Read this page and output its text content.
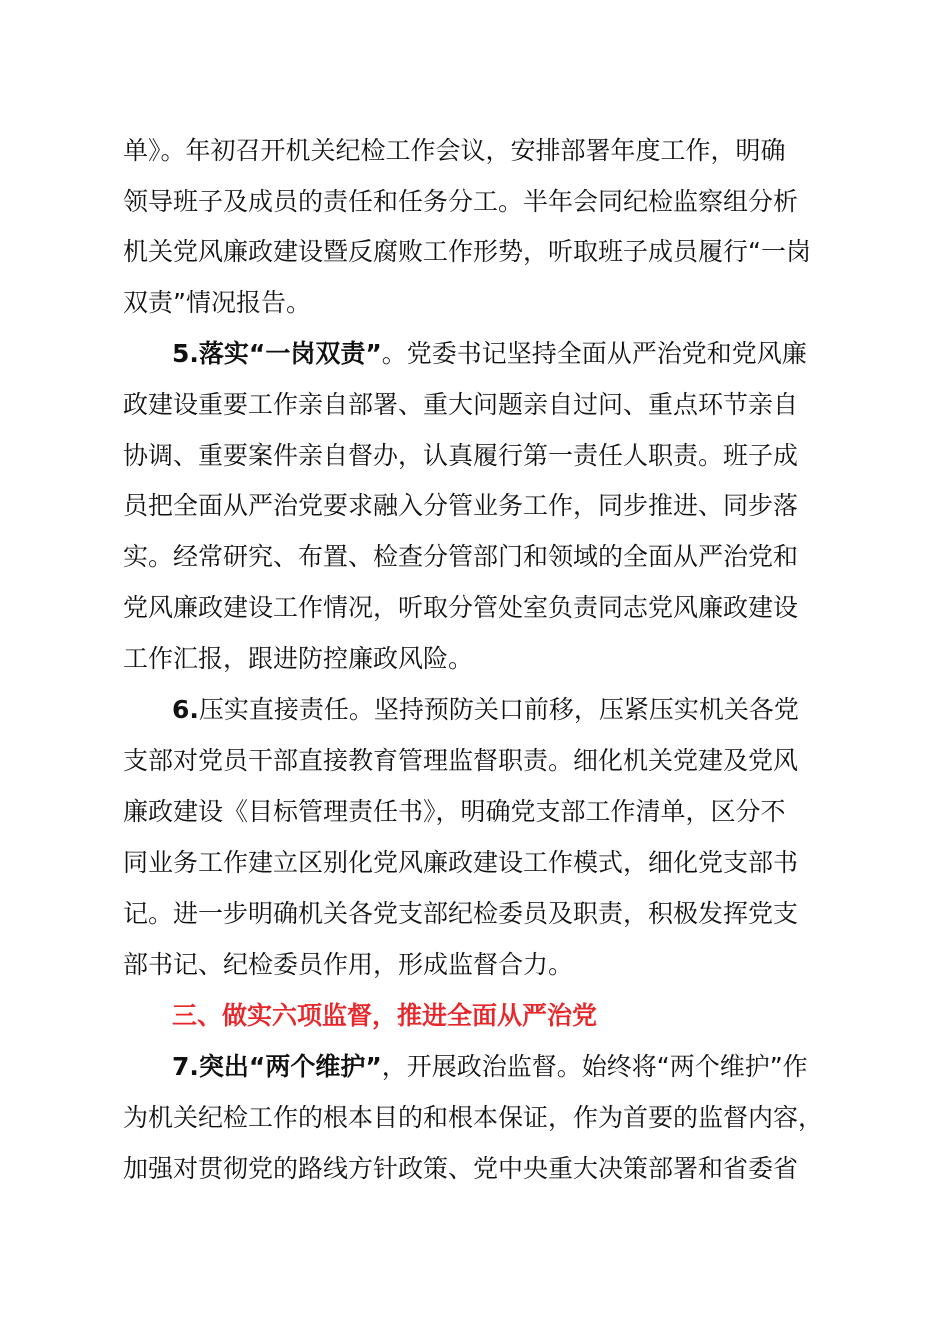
单》。年初召开机关纪检工作会议，安排部署年度工作，明确
领导班子及成员的责任和任务分工。半年会同纪检监察组分析
机关党风廉政建设暨反腐败工作形势，听取班子成员履行“一岗
双责”情况报告。
5.落实“一岗双责”。党委书记坚持全面从严治党和党风廉
政建设重要工作亲自部署、重大问题亲自过问、重点环节亲自
协调、重要案件亲自督办，认真履行第一责任人职责。班子成
员把全面从严治党要求融入分管业务工作，同步推进、同步落
实。经常研究、布置、检查分管部门和领域的全面从严治党和
党风廉政建设工作情况，听取分管处室负责同志党风廉政建设
工作汇报，跟进防控廉政风险。
6.压实直接责任。坚持预防关口前移，压紧压实机关各党
支部对党员干部直接教育管理监督职责。细化机关党建及党风
廉政建设《目标管理责任书》，明确党支部工作清单，区分不
同业务工作建立区别化党风廉政建设工作模式，细化党支部书
记。进一步明确机关各党支部纪检委员及职责，积极发挥党支
部书记、纪检委员作用，形成监督合力。
三、做实六项监督，推进全面从严治党
7.突出“两个维护”，开展政治监督。始终将“两个维护”作
为机关纪检工作的根本目的和根本保证，作为首要的监督内容，
加强对贯彻党的路线方针政策、党中央重大决策部署和省委省
